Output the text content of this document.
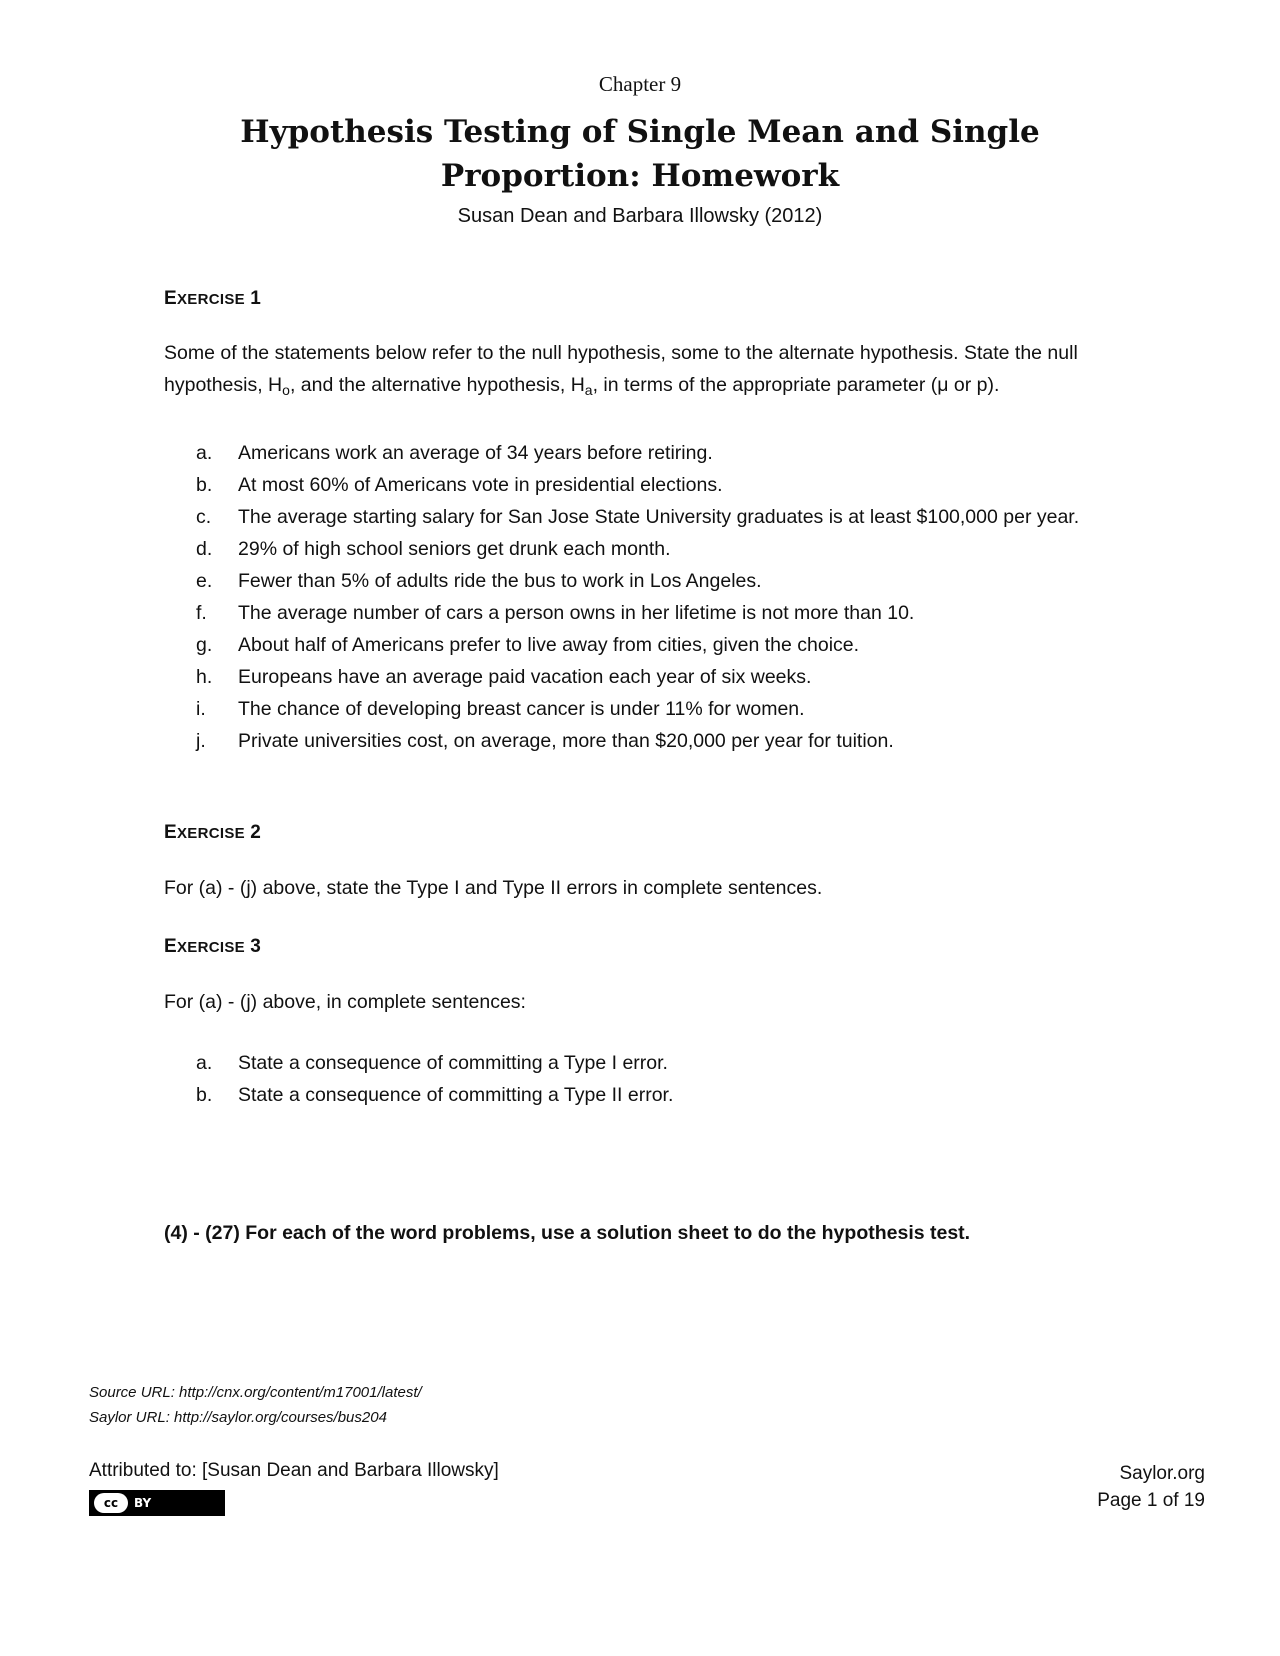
Chapter 9
Hypothesis Testing of Single Mean and Single Proportion: Homework
Susan Dean and Barbara Illowsky (2012)
EXERCISE 1
Some of the statements below refer to the null hypothesis, some to the alternate hypothesis. State the null hypothesis, $H_o$, and the alternative hypothesis, $H_a$, in terms of the appropriate parameter (μ or p).
a.	Americans work an average of 34 years before retiring.
b.	At most 60% of Americans vote in presidential elections.
c.	The average starting salary for San Jose State University graduates is at least $100,000 per year.
d.	29% of high school seniors get drunk each month.
e.	Fewer than 5% of adults ride the bus to work in Los Angeles.
f.	The average number of cars a person owns in her lifetime is not more than 10.
g.	About half of Americans prefer to live away from cities, given the choice.
h.	Europeans have an average paid vacation each year of six weeks.
i.	The chance of developing breast cancer is under 11% for women.
j.	Private universities cost, on average, more than $20,000 per year for tuition.
EXERCISE 2
For (a) - (j) above, state the Type I and Type II errors in complete sentences.
EXERCISE 3
For (a) - (j) above, in complete sentences:
a.	State a consequence of committing a Type I error.
b.	State a consequence of committing a Type II error.
(4) - (27) For each of the word problems, use a solution sheet to do the hypothesis test.
Source URL: http://cnx.org/content/m17001/latest/
Saylor URL: http://saylor.org/courses/bus204
Attributed to: [Susan Dean and Barbara Illowsky]
cc	BY
Saylor.org
Page 1 of 19
